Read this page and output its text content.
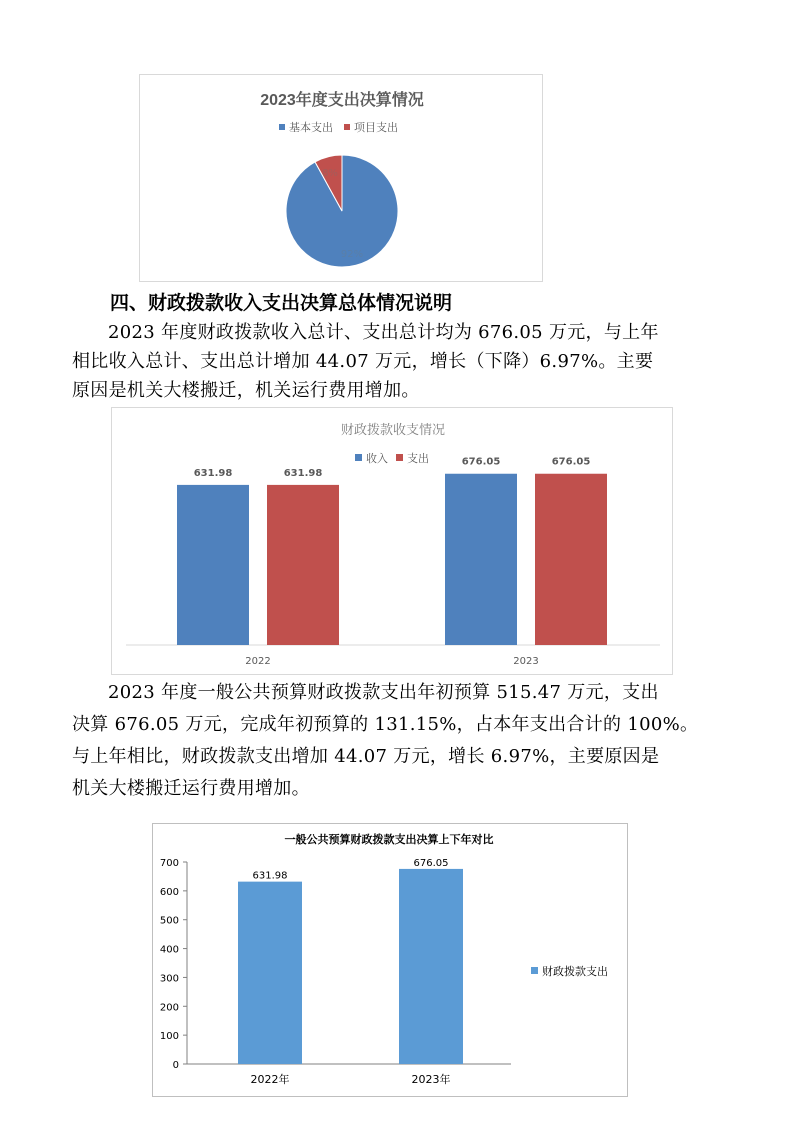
2023年度支出决算情况
基本支出 项目支出
92%
8%
四、财政拨款收入支出决算总体情况说明
2023 年度财政拨款收入总计、支出总计均为 676.05 万元，与上年
相比收入总计、支出总计增加 44.07 万元，增长（下降）6.97%。主要
原因是机关大楼搬迁，机关运行费用增加。
财政拨款收支情况
收入 支出
631.98	631.98
676.05	676.05
2022	2023
2023 年度一般公共预算财政拨款支出年初预算 515.47 万元，支出
决算 676.05 万元，完成年初预算的 131.15%，占本年支出合计的 100%。
与上年相比，财政拨款支出增加 44.07 万元，增长 6.97%，主要原因是
机关大楼搬迁运行费用增加。
一般公共预算财政拨款支出决算上下年对比
0
100
200
300
400
500
600
700
631.98
676.05
2022年	2023年
财政拨款支出
